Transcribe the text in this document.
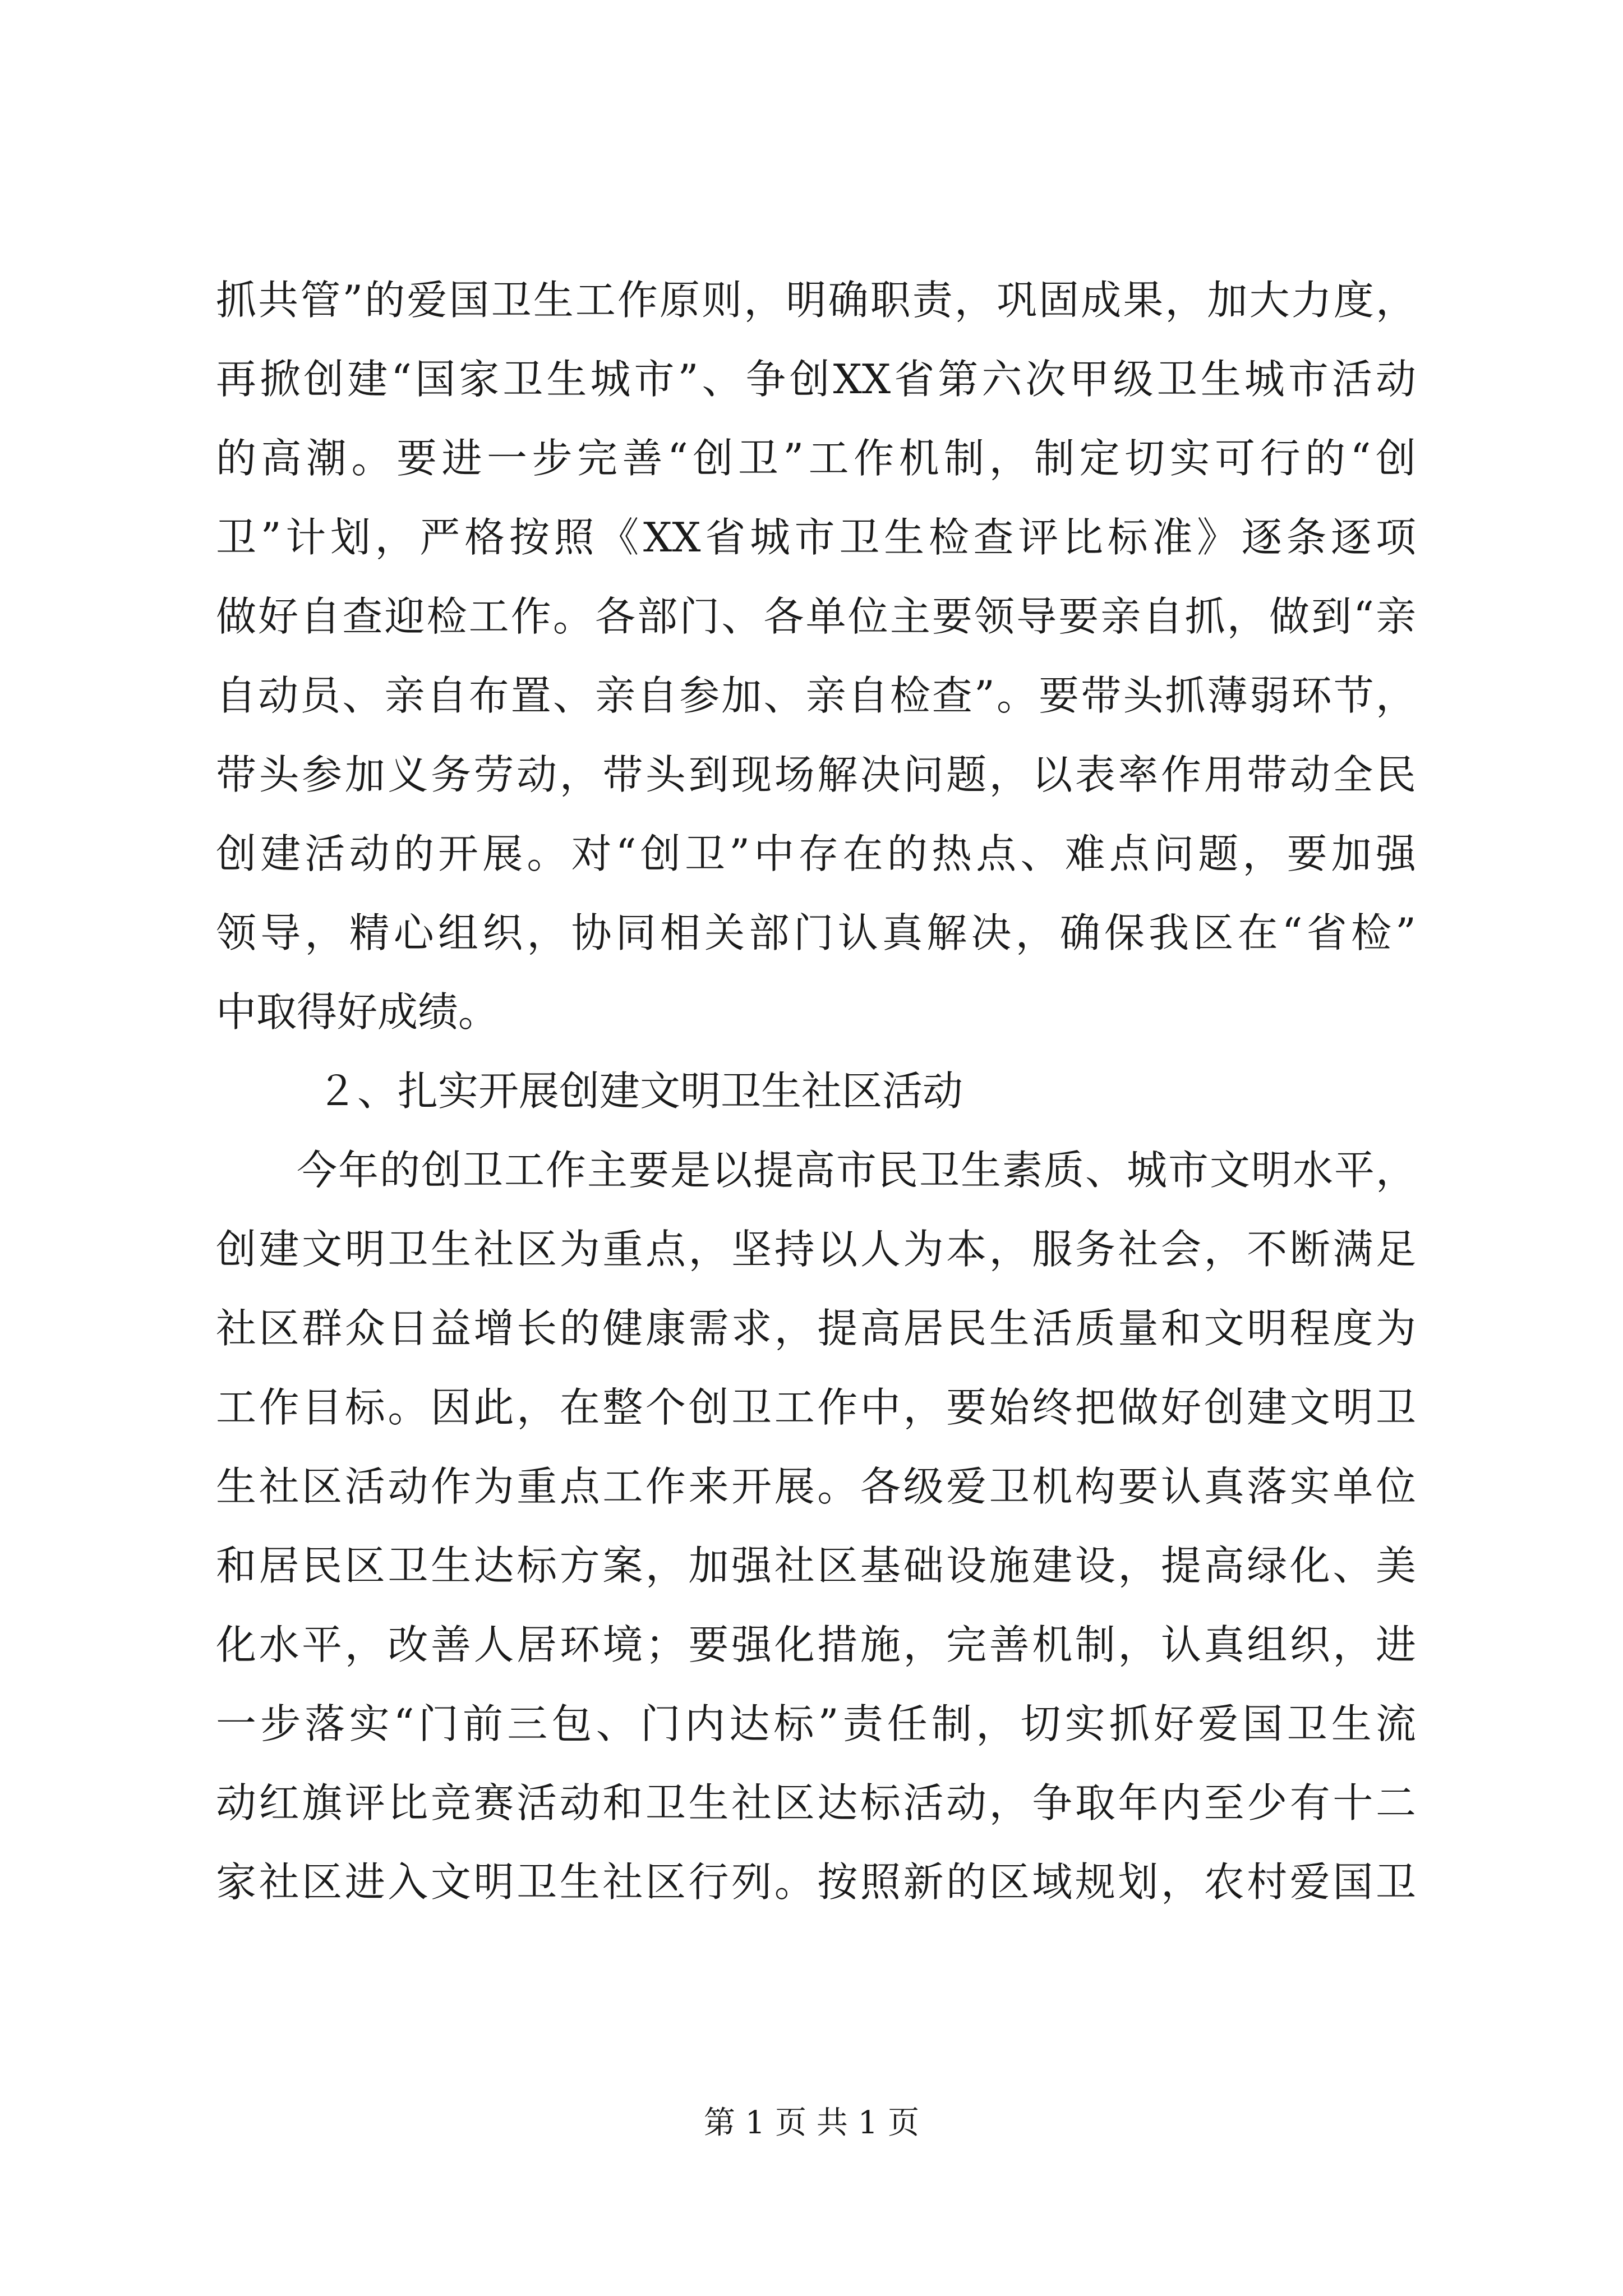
抓共管”的爱国卫生工作原则，明确职责，巩固成果，加大力度，
再掀创建“国家卫生城市”、争创XX省第六次甲级卫生城市活动
的高潮。要进一步完善“创卫”工作机制，制定切实可行的“创
卫”计划，严格按照《XX省城市卫生检查评比标准》逐条逐项
做好自查迎检工作。各部门、各单位主要领导要亲自抓，做到“亲
自动员、亲自布置、亲自参加、亲自检查”。要带头抓薄弱环节，
带头参加义务劳动，带头到现场解决问题，以表率作用带动全民
创建活动的开展。对“创卫”中存在的热点、难点问题，要加强
领导，精心组织，协同相关部门认真解决，确保我区在“省检”
中取得好成绩。
２、扎实开展创建文明卫生社区活动
今年的创卫工作主要是以提高市民卫生素质、城市文明水平，
创建文明卫生社区为重点，坚持以人为本，服务社会，不断满足
社区群众日益增长的健康需求，提高居民生活质量和文明程度为
工作目标。因此，在整个创卫工作中，要始终把做好创建文明卫
生社区活动作为重点工作来开展。各级爱卫机构要认真落实单位
和居民区卫生达标方案，加强社区基础设施建设，提高绿化、美
化水平，改善人居环境；要强化措施，完善机制，认真组织，进
一步落实“门前三包、门内达标”责任制，切实抓好爱国卫生流
动红旗评比竞赛活动和卫生社区达标活动，争取年内至少有十二
家社区进入文明卫生社区行列。按照新的区域规划，农村爱国卫
第 1 页 共 1 页
